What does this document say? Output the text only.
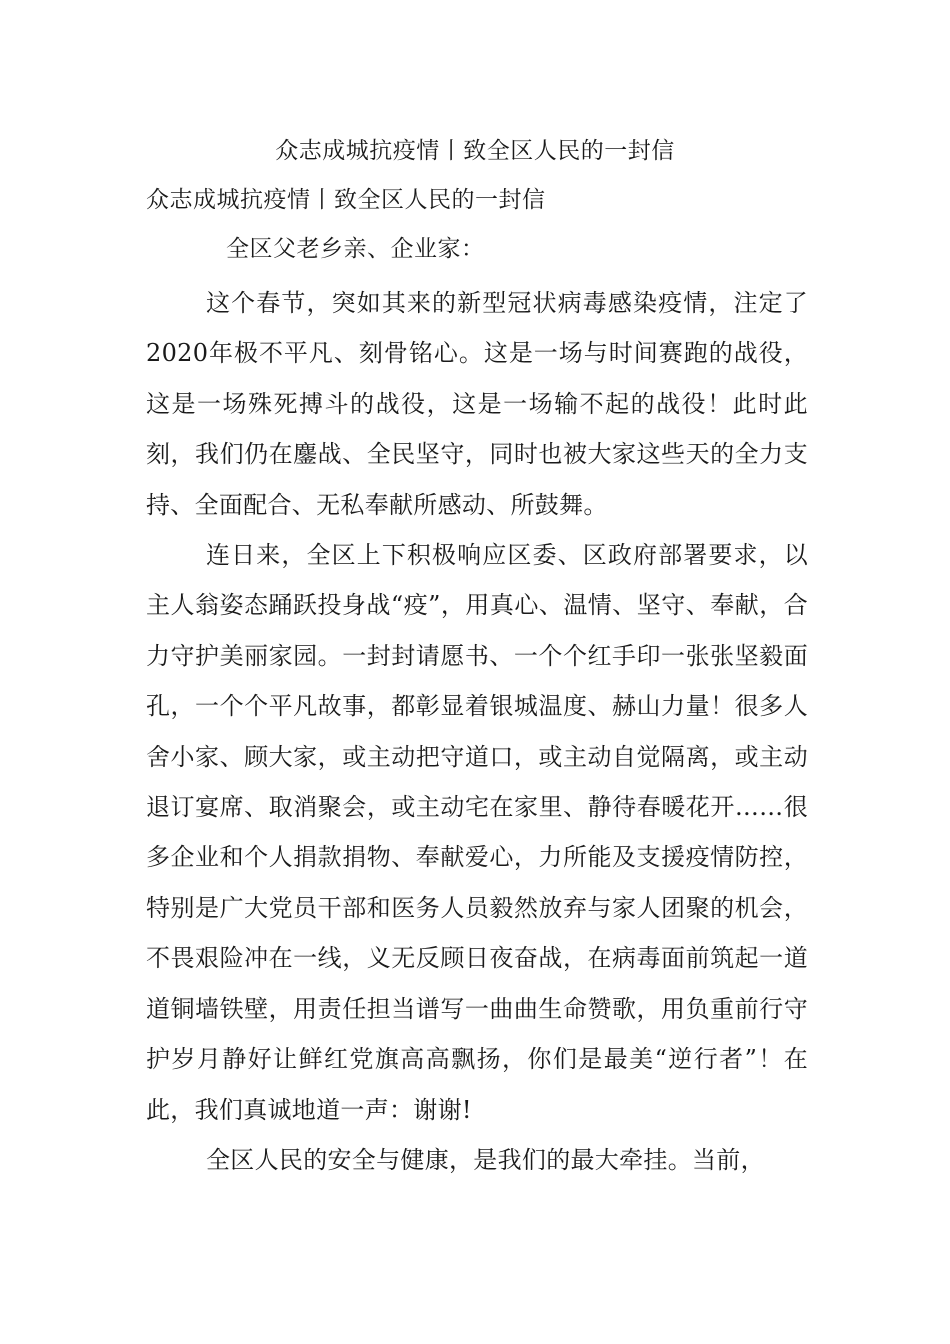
众志成城抗疫情丨致全区人民的一封信
众志成城抗疫情丨致全区人民的一封信
全区父老乡亲、企业家：

这个春节，突如其来的新型冠状病毒感染疫情，注定了2020年极不平凡、刻骨铭心。这是一场与时间赛跑的战役，这是一场殊死搏斗的战役，这是一场输不起的战役！此时此刻，我们仍在鏖战、全民坚守，同时也被大家这些天的全力支持、全面配合、无私奉献所感动、所鼓舞。

连日来，全区上下积极响应区委、区政府部署要求，以主人翁姿态踊跃投身战“疫”，用真心、温情、坚守、奉献，合力守护美丽家园。一封封请愿书、一个个红手印一张张坚毅面孔，一个个平凡故事，都彰显着银城温度、赫山力量！很多人舍小家、顾大家，或主动把守道口，或主动自觉隔离，或主动退订宴席、取消聚会，或主动宅在家里、静待春暖花开……很多企业和个人捐款捐物、奉献爱心，力所能及支援疫情防控，特别是广大党员干部和医务人员毅然放弃与家人团聚的机会，不畏艰险冲在一线，义无反顾日夜奋战，在病毒面前筑起一道道铜墙铁壁，用责任担当谱写一曲曲生命赞歌，用负重前行守护岁月静好让鲜红党旗高高飘扬，你们是最美“逆行者”！在此，我们真诚地道一声：谢谢!

全区人民的安全与健康，是我们的最大牵挂。当前，
